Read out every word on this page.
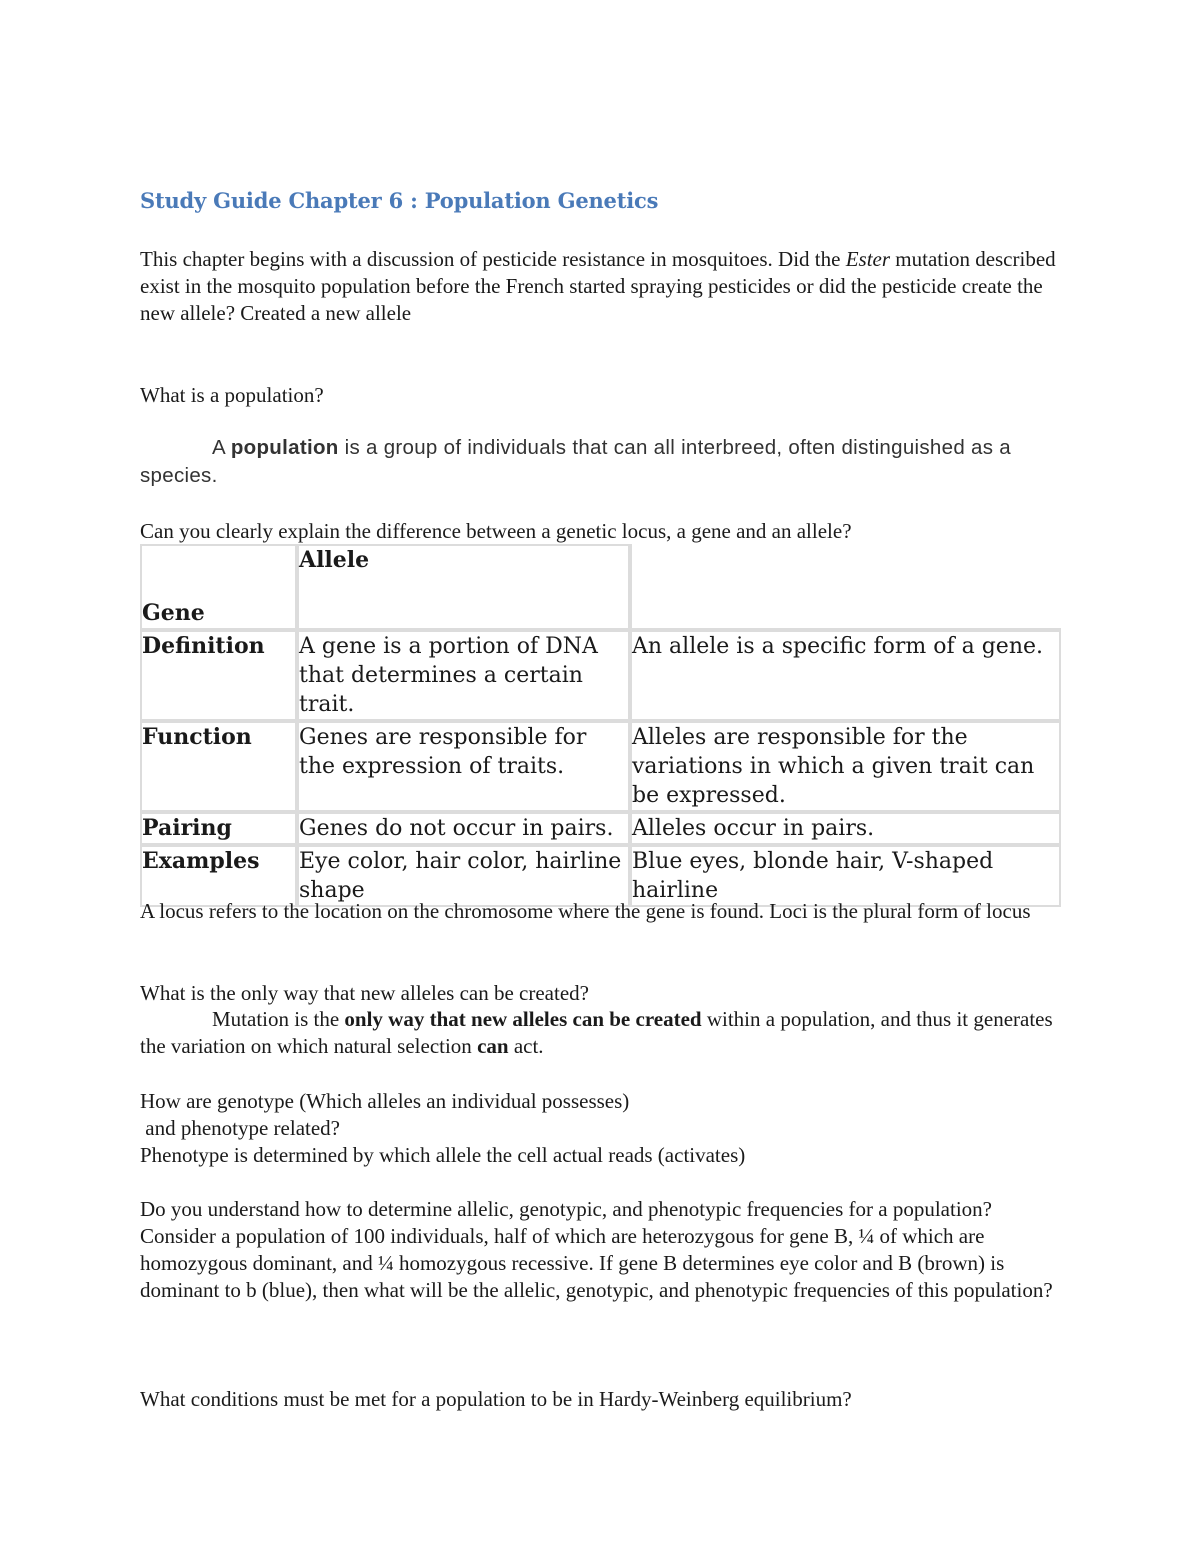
Study Guide Chapter 6 : Population Genetics
This chapter begins with a discussion of pesticide resistance in mosquitoes. Did the Ester mutation described exist in the mosquito population before the French started spraying pesticides or did the pesticide create the new allele? Created a new allele
What is a population?
A population is a group of individuals that can all interbreed, often distinguished as a species.
Can you clearly explain the difference between a genetic locus, a gene and an allele?
Gene	Allele	
Definition	A gene is a portion of DNA that determines a certain trait.	An allele is a specific form of a gene.
Function	Genes are responsible for the expression of traits.	Alleles are responsible for the variations in which a given trait can be expressed.
Pairing	Genes do not occur in pairs.	Alleles occur in pairs.
Examples	Eye color, hair color, hairline shape	Blue eyes, blonde hair, V-shaped hairline
A locus refers to the location on the chromosome where the gene is found. Loci is the plural form of locus
What is the only way that new alleles can be created?
Mutation is the only way that new alleles can be created within a population, and thus it generates the variation on which natural selection can act.
How are genotype (Which alleles an individual possesses)
and phenotype related?
Phenotype is determined by which allele the cell actual reads (activates)
Do you understand how to determine allelic, genotypic, and phenotypic frequencies for a population?
Consider a population of 100 individuals, half of which are heterozygous for gene B, ¼ of which are homozygous dominant, and ¼ homozygous recessive. If gene B determines eye color and B (brown) is dominant to b (blue), then what will be the allelic, genotypic, and phenotypic frequencies of this population?
What conditions must be met for a population to be in Hardy-Weinberg equilibrium?
